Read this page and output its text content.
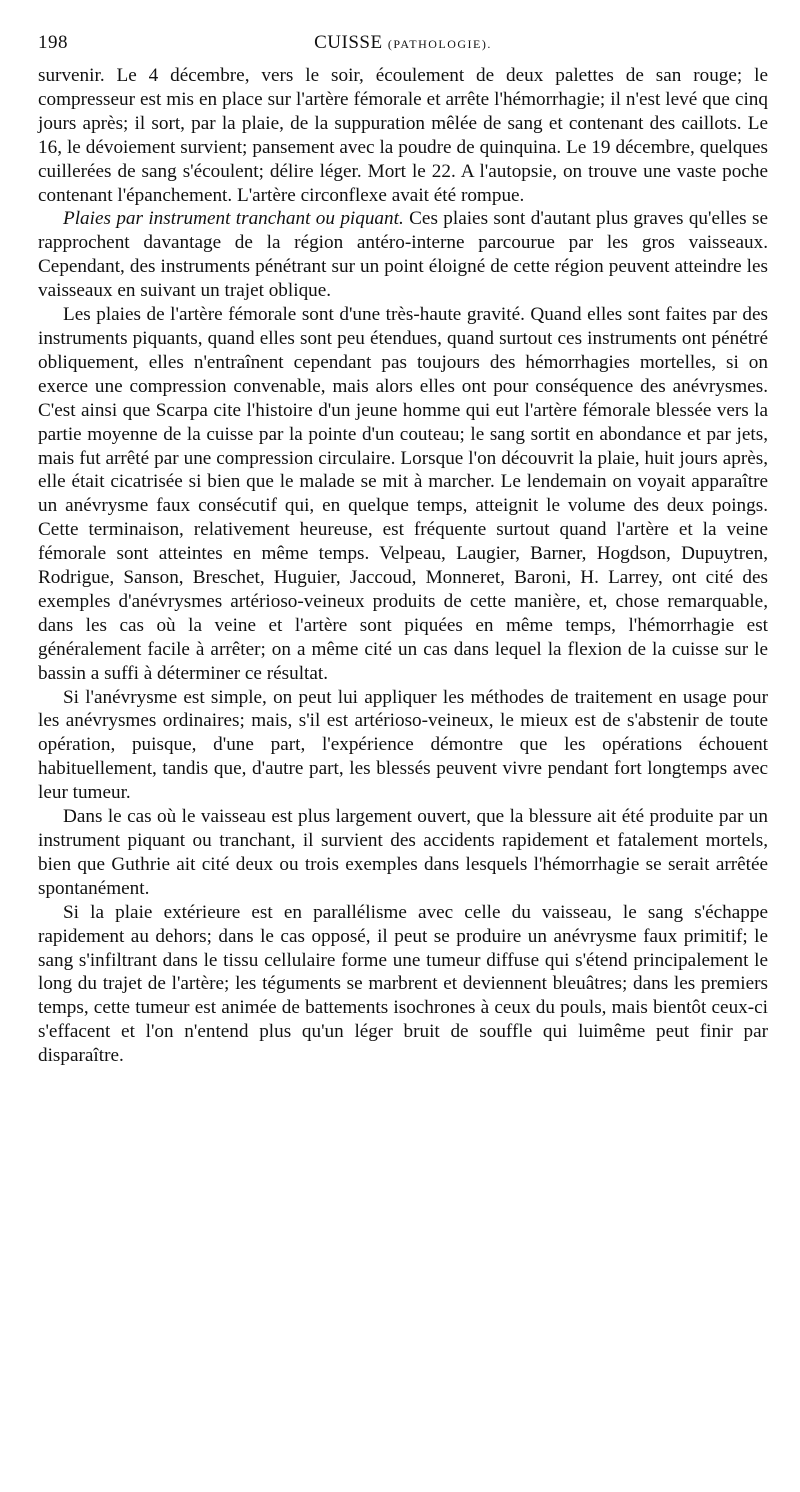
198	CUISSE (PATHOLOGIE).

survenir. Le 4 décembre, vers le soir, écoulement de deux palettes de san rouge; le compresseur est mis en place sur l'artère fémorale et arrête l'hémorrhagie; il n'est levé que cinq jours après; il sort, par la plaie, de la suppuration mêlée de sang et contenant des caillots. Le 16, le dévoiement survient; pansement avec la poudre de quinquina. Le 19 décembre, quelques cuillerées de sang s'écoulent; délire léger. Mort le 22. A l'autopsie, on trouve une vaste poche contenant l'épanchement. L'artère circonflexe avait été rompue.

Plaies par instrument tranchant ou piquant. Ces plaies sont d'autant plus graves qu'elles se rapprochent davantage de la région antéro-interne parcourue par les gros vaisseaux. Cependant, des instruments pénétrant sur un point éloigné de cette région peuvent atteindre les vaisseaux en suivant un trajet oblique.

Les plaies de l'artère fémorale sont d'une très-haute gravité. Quand elles sont faites par des instruments piquants, quand elles sont peu étendues, quand surtout ces instruments ont pénétré obliquement, elles n'entraînent cependant pas toujours des hémorrhagies mortelles, si on exerce une compression convenable, mais alors elles ont pour conséquence des anévrysmes. C'est ainsi que Scarpa cite l'histoire d'un jeune homme qui eut l'artère fémorale blessée vers la partie moyenne de la cuisse par la pointe d'un couteau; le sang sortit en abondance et par jets, mais fut arrêté par une compression circulaire. Lorsque l'on découvrit la plaie, huit jours après, elle était cicatrisée si bien que le malade se mit à marcher. Le lendemain on voyait apparaître un anévrysme faux consécutif qui, en quelque temps, atteignit le volume des deux poings. Cette terminaison, relativement heureuse, est fréquente surtout quand l'artère et la veine fémorale sont atteintes en même temps. Velpeau, Laugier, Barner, Hogdson, Dupuytren, Rodrigue, Sanson, Breschet, Huguier, Jaccoud, Monneret, Baroni, H. Larrey, ont cité des exemples d'anévrysmes artérioso-veineux produits de cette manière, et, chose remarquable, dans les cas où la veine et l'artère sont piquées en même temps, l'hémorrhagie est généralement facile à arrêter; on a même cité un cas dans lequel la flexion de la cuisse sur le bassin a suffi à déterminer ce résultat.

Si l'anévrysme est simple, on peut lui appliquer les méthodes de traitement en usage pour les anévrysmes ordinaires; mais, s'il est artérioso-veineux, le mieux est de s'abstenir de toute opération, puisque, d'une part, l'expérience démontre que les opérations échouent habituellement, tandis que, d'autre part, les blessés peuvent vivre pendant fort longtemps avec leur tumeur.

Dans le cas où le vaisseau est plus largement ouvert, que la blessure ait été produite par un instrument piquant ou tranchant, il survient des accidents rapidement et fatalement mortels, bien que Guthrie ait cité deux ou trois exemples dans lesquels l'hémorrhagie se serait arrêtée spontanément.

Si la plaie extérieure est en parallélisme avec celle du vaisseau, le sang s'échappe rapidement au dehors; dans le cas opposé, il peut se produire un anévrysme faux primitif; le sang s'infiltrant dans le tissu cellulaire forme une tumeur diffuse qui s'étend principalement le long du trajet de l'artère; les téguments se marbrent et deviennent bleuâtres; dans les premiers temps, cette tumeur est animée de battements isochrones à ceux du pouls, mais bientôt ceux-ci s'effacent et l'on n'entend plus qu'un léger bruit de souffle qui luimême peut finir par disparaître.
